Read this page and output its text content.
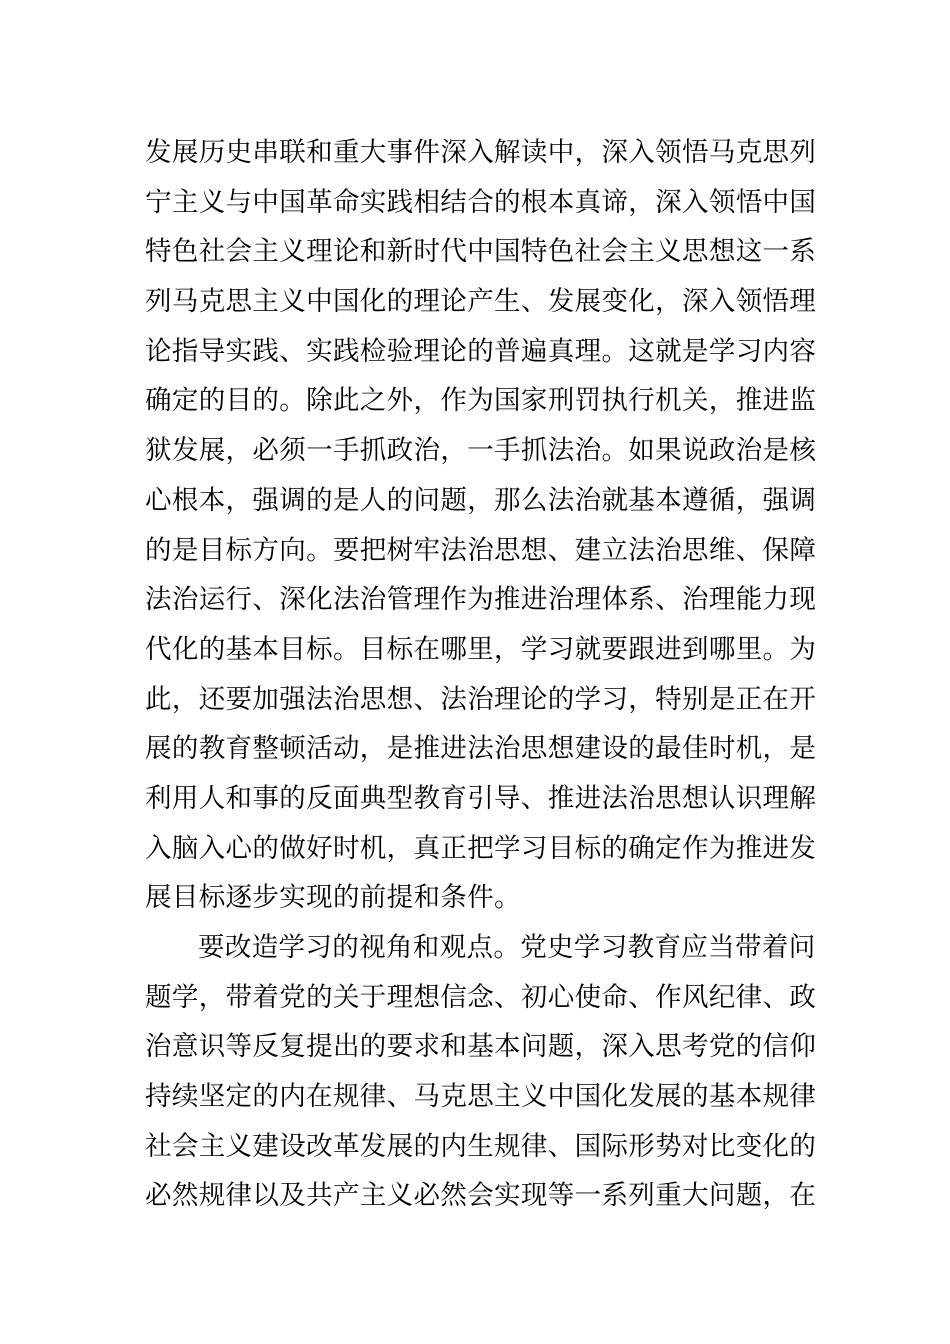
发展历史串联和重大事件深入解读中，深入领悟马克思列
宁主义与中国革命实践相结合的根本真谛，深入领悟中国
特色社会主义理论和新时代中国特色社会主义思想这一系
列马克思主义中国化的理论产生、发展变化，深入领悟理
论指导实践、实践检验理论的普遍真理。这就是学习内容
确定的目的。除此之外，作为国家刑罚执行机关，推进监
狱发展，必须一手抓政治，一手抓法治。如果说政治是核
心根本，强调的是人的问题，那么法治就基本遵循，强调
的是目标方向。要把树牢法治思想、建立法治思维、保障
法治运行、深化法治管理作为推进治理体系、治理能力现
代化的基本目标。目标在哪里，学习就要跟进到哪里。为
此，还要加强法治思想、法治理论的学习，特别是正在开
展的教育整顿活动，是推进法治思想建设的最佳时机，是
利用人和事的反面典型教育引导、推进法治思想认识理解
入脑入心的做好时机，真正把学习目标的确定作为推进发
展目标逐步实现的前提和条件。
要改造学习的视角和观点。党史学习教育应当带着问
题学，带着党的关于理想信念、初心使命、作风纪律、政
治意识等反复提出的要求和基本问题，深入思考党的信仰
持续坚定的内在规律、马克思主义中国化发展的基本规律
社会主义建设改革发展的内生规律、国际形势对比变化的
必然规律以及共产主义必然会实现等一系列重大问题，在
